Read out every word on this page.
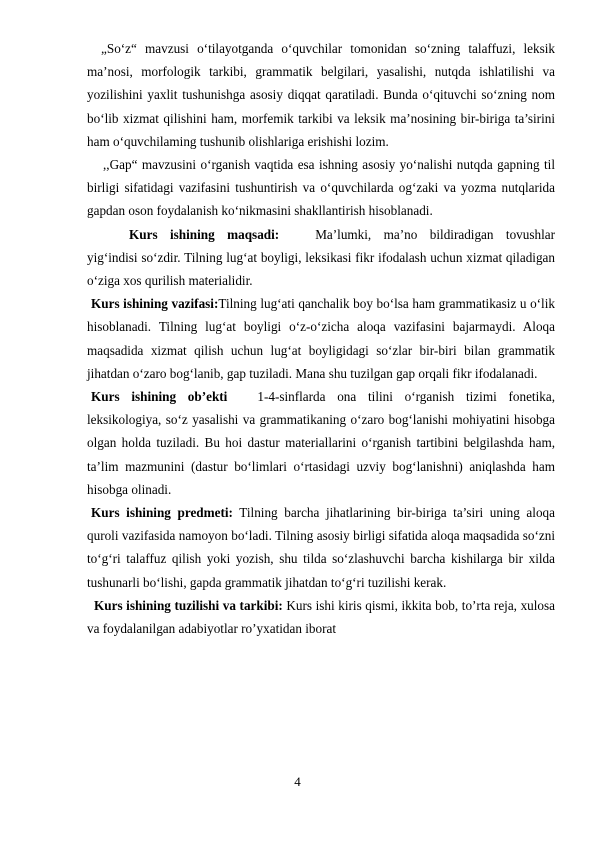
„So‘z“ mavzusi o‘tilayotganda o‘quvchilar tomonidan so‘zning talaffuzi, leksik ma’nosi, morfologik tarkibi, grammatik belgilari, yasalishi, nutqda ishlatilishi va yozilishini yaxlit tushunishga asosiy diqqat qaratiladi. Bunda o‘qituvchi so‘zning nom bo‘lib xizmat qilishini ham, morfemik tarkibi va leksik ma’nosining bir-biriga ta’sirini ham o‘quvchilaming tushunib olishlariga erishishi lozim.

,,Gap“ mavzusini o‘rganish vaqtida esa ishning asosiy yo‘nalishi nutqda gapning til birligi sifatidagi vazifasini tushuntirish va o‘quvchilarda og‘zaki va yozma nutqlarida gapdan oson foydalanish ko‘nikmasini shakllantirish hisoblanadi.

Kurs ishining maqsadi:	Ma’lumki, ma’no bildiradigan tovushlar yig‘indisi so‘zdir. Tilning lug‘at boyligi, leksikasi fikr ifodalash uchun xizmat qiladigan o‘ziga xos qurilish materialidir.

Kurs ishining vazifasi:Tilning lug‘ati qanchalik boy bo‘lsa ham grammatikasiz u o‘lik hisoblanadi. Tilning lug‘at boyligi o‘z-o‘zicha aloqa vazifasini bajarmaydi. Aloqa maqsadida xizmat qilish uchun lug‘at boyligidagi so‘zlar bir-biri bilan grammatik jihatdan o‘zaro bog‘lanib, gap tuziladi. Mana shu tuzilgan gap orqali fikr ifodalanadi.

Kurs ishining ob’ekti 1-4-sinflarda ona tilini o‘rganish tizimi fonetika, leksikologiya, so‘z yasalishi va grammatikaning o‘zaro bog‘lanishi mohiyatini hisobga olgan holda tuziladi. Bu hoi dastur materiallarini o‘rganish tartibini belgilashda ham, ta’lim mazmunini (dastur bo‘limlari o‘rtasidagi uzviy bog‘lanishni) aniqlashda ham hisobga olinadi.

Kurs ishining predmeti: Tilning barcha jihatlarining bir-biriga ta’siri uning aloqa quroli vazifasida namoyon bo‘ladi. Tilning asosiy birligi sifatida aloqa maqsadida so‘zni to‘g‘ri talaffuz qilish yoki yozish, shu tilda so‘zlashuvchi barcha kishilarga bir xilda tushunarli bo‘lishi, gapda grammatik jihatdan to‘g‘ri tuzilishi kerak.

Kurs ishining tuzilishi va tarkibi: Kurs ishi kiris qismi, ikkita bob, to’rta reja, xulosa va foydalanilgan adabiyotlar ro’yxatidan iborat

4
